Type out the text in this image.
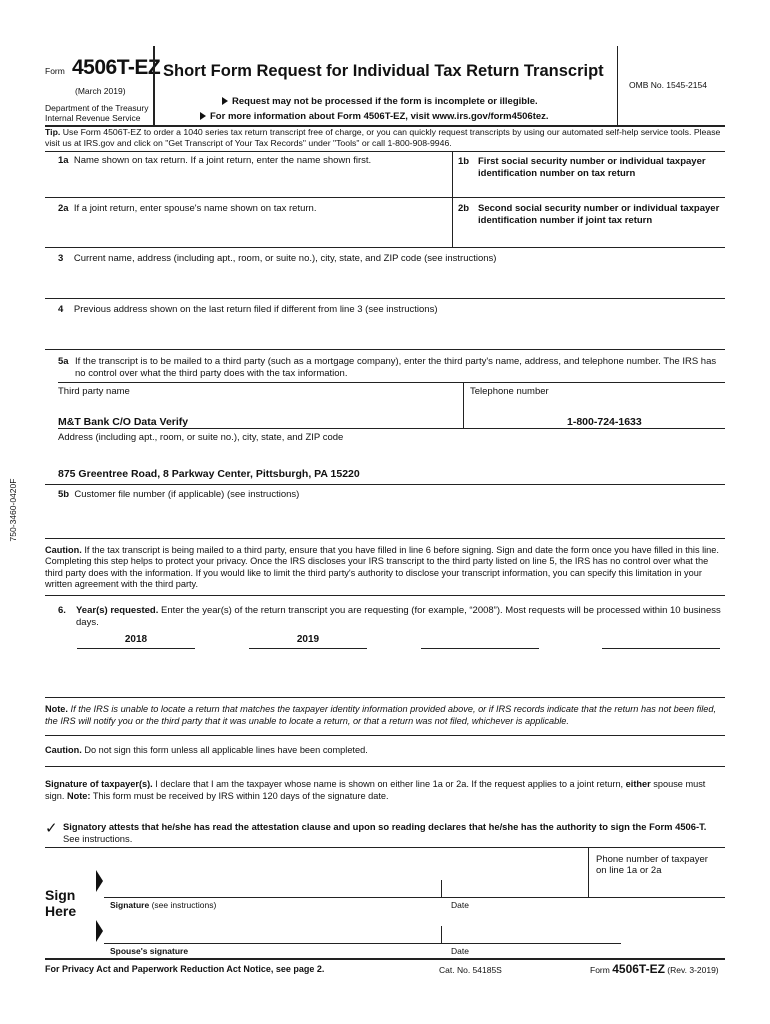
Form 4506T-EZ
(March 2019)
Department of the Treasury
Internal Revenue Service
Short Form Request for Individual Tax Return Transcript
Request may not be processed if the form is incomplete or illegible.
For more information about Form 4506T-EZ, visit www.irs.gov/form4506tez.
OMB No. 1545-2154
Tip. Use Form 4506T-EZ to order a 1040 series tax return transcript free of charge, or you can quickly request transcripts by using our automated self-help service tools. Please visit us at IRS.gov and click on "Get Transcript of Your Tax Records" under "Tools" or call 1-800-908-9946.
1a Name shown on tax return. If a joint return, enter the name shown first.	1b First social security number or individual taxpayer identification number on tax return
2a If a joint return, enter spouse's name shown on tax return.	2b Second social security number or individual taxpayer identification number if joint tax return
3 Current name, address (including apt., room, or suite no.), city, state, and ZIP code (see instructions)
4 Previous address shown on the last return filed if different from line 3 (see instructions)
5a If the transcript is to be mailed to a third party (such as a mortgage company), enter the third party's name, address, and telephone number. The IRS has no control over what the third party does with the tax information.
Third party name	Telephone number
M&T Bank C/O Data Verify	1-800-724-1633
Address (including apt., room, or suite no.), city, state, and ZIP code
875 Greentree Road, 8 Parkway Center, Pittsburgh, PA 15220
5b Customer file number (if applicable) (see instructions)
750-3460-0420F
Caution. If the tax transcript is being mailed to a third party, ensure that you have filled in line 6 before signing. Sign and date the form once you have filled in this line. Completing this step helps to protect your privacy. Once the IRS discloses your IRS transcript to the third party listed on line 5, the IRS has no control over what the third party does with the information. If you would like to limit the third party's authority to disclose your transcript information, you can specify this limitation in your written agreement with the third party.
6. Year(s) requested. Enter the year(s) of the return transcript you are requesting (for example, “2008”). Most requests will be processed within 10 business days.
2018	2019
Note. If the IRS is unable to locate a return that matches the taxpayer identity information provided above, or if IRS records indicate that the return has not been filed, the IRS will notify you or the third party that it was unable to locate a return, or that a return was not filed, whichever is applicable.
Caution. Do not sign this form unless all applicable lines have been completed.
Signature of taxpayer(s). I declare that I am the taxpayer whose name is shown on either line 1a or 2a. If the request applies to a joint return, either spouse must sign. Note: This form must be received by IRS within 120 days of the signature date.
✓ Signatory attests that he/she has read the attestation clause and upon so reading declares that he/she has the authority to sign the Form 4506-T. See instructions.
Phone number of taxpayer on line 1a or 2a
Sign
Here	Signature (see instructions)	Date
Spouse's signature	Date
For Privacy Act and Paperwork Reduction Act Notice, see page 2.	Cat. No. 54185S	Form 4506T-EZ (Rev. 3-2019)
